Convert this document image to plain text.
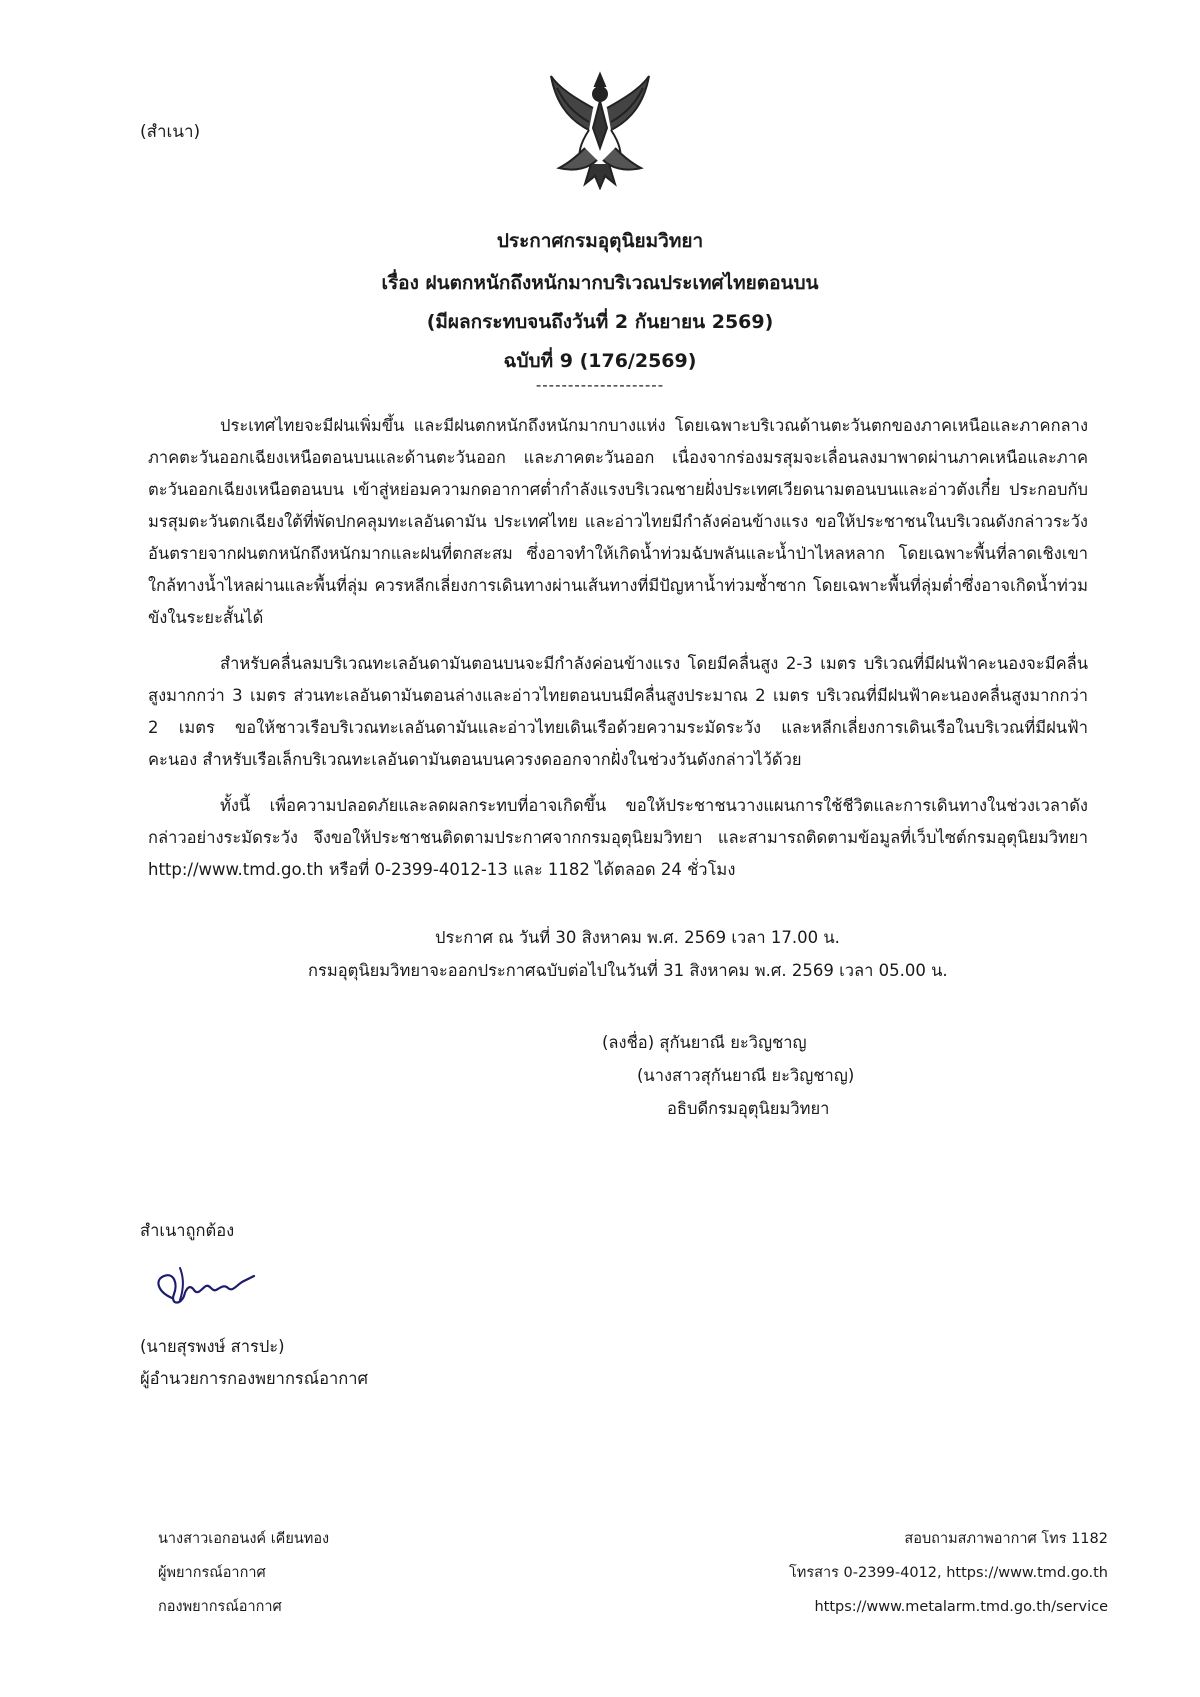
(สำเนา)
ประกาศกรมอุตุนิยมวิทยา
เรื่อง ฝนตกหนักถึงหนักมากบริเวณประเทศไทยตอนบน
(มีผลกระทบจนถึงวันที่ 2 กันยายน 2569)
ฉบับที่ 9 (176/2569)
--------------------
ประเทศไทยจะมีฝนเพิ่มขึ้น และมีฝนตกหนักถึงหนักมากบางแห่ง โดยเฉพาะบริเวณด้านตะวันตกของภาคเหนือและภาคกลาง ภาคตะวันออกเฉียงเหนือตอนบนและด้านตะวันออก และภาคตะวันออก เนื่องจากร่องมรสุมจะเลื่อนลงมาพาดผ่านภาคเหนือและภาคตะวันออกเฉียงเหนือตอนบน เข้าสู่หย่อมความกดอากาศต่ำกำลังแรงบริเวณชายฝั่งประเทศเวียดนามตอนบนและอ่าวตังเกี๋ย ประกอบกับมรสุมตะวันตกเฉียงใต้ที่พัดปกคลุมทะเลอันดามัน ประเทศไทย และอ่าวไทยมีกำลังค่อนข้างแรง ขอให้ประชาชนในบริเวณดังกล่าวระวังอันตรายจากฝนตกหนักถึงหนักมากและฝนที่ตกสะสม ซึ่งอาจทำให้เกิดน้ำท่วมฉับพลันและน้ำป่าไหลหลาก โดยเฉพาะพื้นที่ลาดเชิงเขาใกล้ทางน้ำไหลผ่านและพื้นที่ลุ่ม ควรหลีกเลี่ยงการเดินทางผ่านเส้นทางที่มีปัญหาน้ำท่วมซ้ำซาก โดยเฉพาะพื้นที่ลุ่มต่ำซึ่งอาจเกิดน้ำท่วมขังในระยะสั้นได้
สำหรับคลื่นลมบริเวณทะเลอันดามันตอนบนจะมีกำลังค่อนข้างแรง โดยมีคลื่นสูง 2-3 เมตร บริเวณที่มีฝนฟ้าคะนองจะมีคลื่นสูงมากกว่า 3 เมตร ส่วนทะเลอันดามันตอนล่างและอ่าวไทยตอนบนมีคลื่นสูงประมาณ 2 เมตร บริเวณที่มีฝนฟ้าคะนองคลื่นสูงมากกว่า 2 เมตร ขอให้ชาวเรือบริเวณทะเลอันดามันและอ่าวไทยเดินเรือด้วยความระมัดระวัง และหลีกเลี่ยงการเดินเรือในบริเวณที่มีฝนฟ้าคะนอง สำหรับเรือเล็กบริเวณทะเลอันดามันตอนบนควรงดออกจากฝั่งในช่วงวันดังกล่าวไว้ด้วย
ทั้งนี้ เพื่อความปลอดภัยและลดผลกระทบที่อาจเกิดขึ้น ขอให้ประชาชนวางแผนการใช้ชีวิตและการเดินทางในช่วงเวลาดังกล่าวอย่างระมัดระวัง จึงขอให้ประชาชนติดตามประกาศจากกรมอุตุนิยมวิทยา และสามารถติดตามข้อมูลที่เว็บไซต์กรมอุตุนิยมวิทยา http://www.tmd.go.th หรือที่ 0-2399-4012-13 และ 1182 ได้ตลอด 24 ชั่วโมง
ประกาศ ณ วันที่ 30 สิงหาคม พ.ศ. 2569 เวลา 17.00 น.
กรมอุตุนิยมวิทยาจะออกประกาศฉบับต่อไปในวันที่ 31 สิงหาคม พ.ศ. 2569 เวลา 05.00 น.
(ลงชื่อ) สุกันยาณี ยะวิญชาญ
(นางสาวสุกันยาณี ยะวิญชาญ)
อธิบดีกรมอุตุนิยมวิทยา
สำเนาถูกต้อง
(นายสุรพงษ์ สารปะ)
ผู้อำนวยการกองพยากรณ์อากาศ
นางสาวเอกอนงค์ เคียนทอง
ผู้พยากรณ์อากาศ
กองพยากรณ์อากาศ
สอบถามสภาพอากาศ โทร 1182
โทรสาร 0-2399-4012, https://www.tmd.go.th
https://www.metalarm.tmd.go.th/service
